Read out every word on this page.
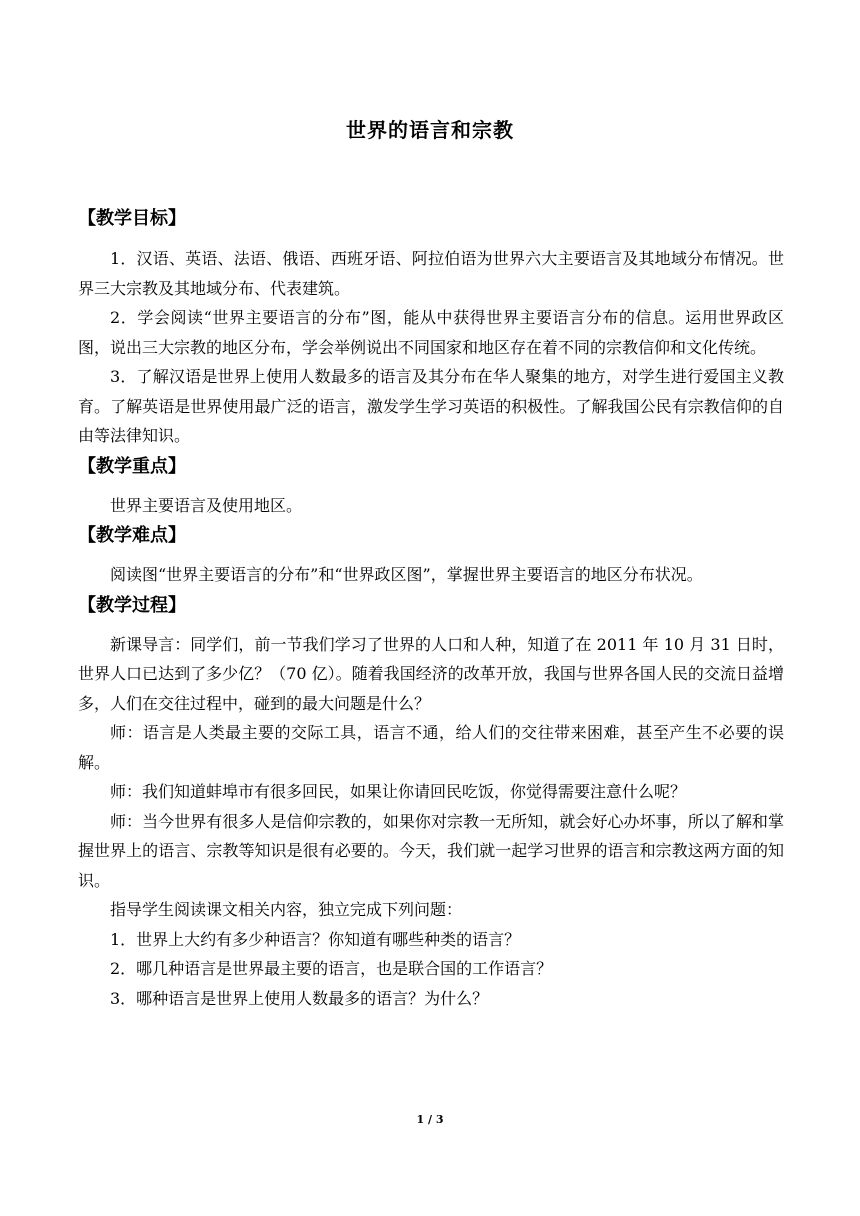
世界的语言和宗教
【教学目标】

1．汉语、英语、法语、俄语、西班牙语、阿拉伯语为世界六大主要语言及其地域分布情况。世界三大宗教及其地域分布、代表建筑。

2．学会阅读“世界主要语言的分布”图，能从中获得世界主要语言分布的信息。运用世界政区图，说出三大宗教的地区分布，学会举例说出不同国家和地区存在着不同的宗教信仰和文化传统。

3．了解汉语是世界上使用人数最多的语言及其分布在华人聚集的地方，对学生进行爱国主义教育。了解英语是世界使用最广泛的语言，激发学生学习英语的积极性。了解我国公民有宗教信仰的自由等法律知识。

【教学重点】

世界主要语言及使用地区。

【教学难点】

阅读图“世界主要语言的分布”和“世界政区图”，掌握世界主要语言的地区分布状况。

【教学过程】

新课导言：同学们，前一节我们学习了世界的人口和人种，知道了在 2011 年 10 月 31 日时，世界人口已达到了多少亿？（70 亿）。随着我国经济的改革开放，我国与世界各国人民的交流日益增多，人们在交往过程中，碰到的最大问题是什么？

师：语言是人类最主要的交际工具，语言不通，给人们的交往带来困难，甚至产生不必要的误解。

师：我们知道蚌埠市有很多回民，如果让你请回民吃饭，你觉得需要注意什么呢？

师：当今世界有很多人是信仰宗教的，如果你对宗教一无所知，就会好心办坏事，所以了解和掌握世界上的语言、宗教等知识是很有必要的。今天，我们就一起学习世界的语言和宗教这两方面的知识。

指导学生阅读课文相关内容，独立完成下列问题：

1．世界上大约有多少种语言？你知道有哪些种类的语言？

2．哪几种语言是世界最主要的语言，也是联合国的工作语言？

3．哪种语言是世界上使用人数最多的语言？为什么？

1 / 3
